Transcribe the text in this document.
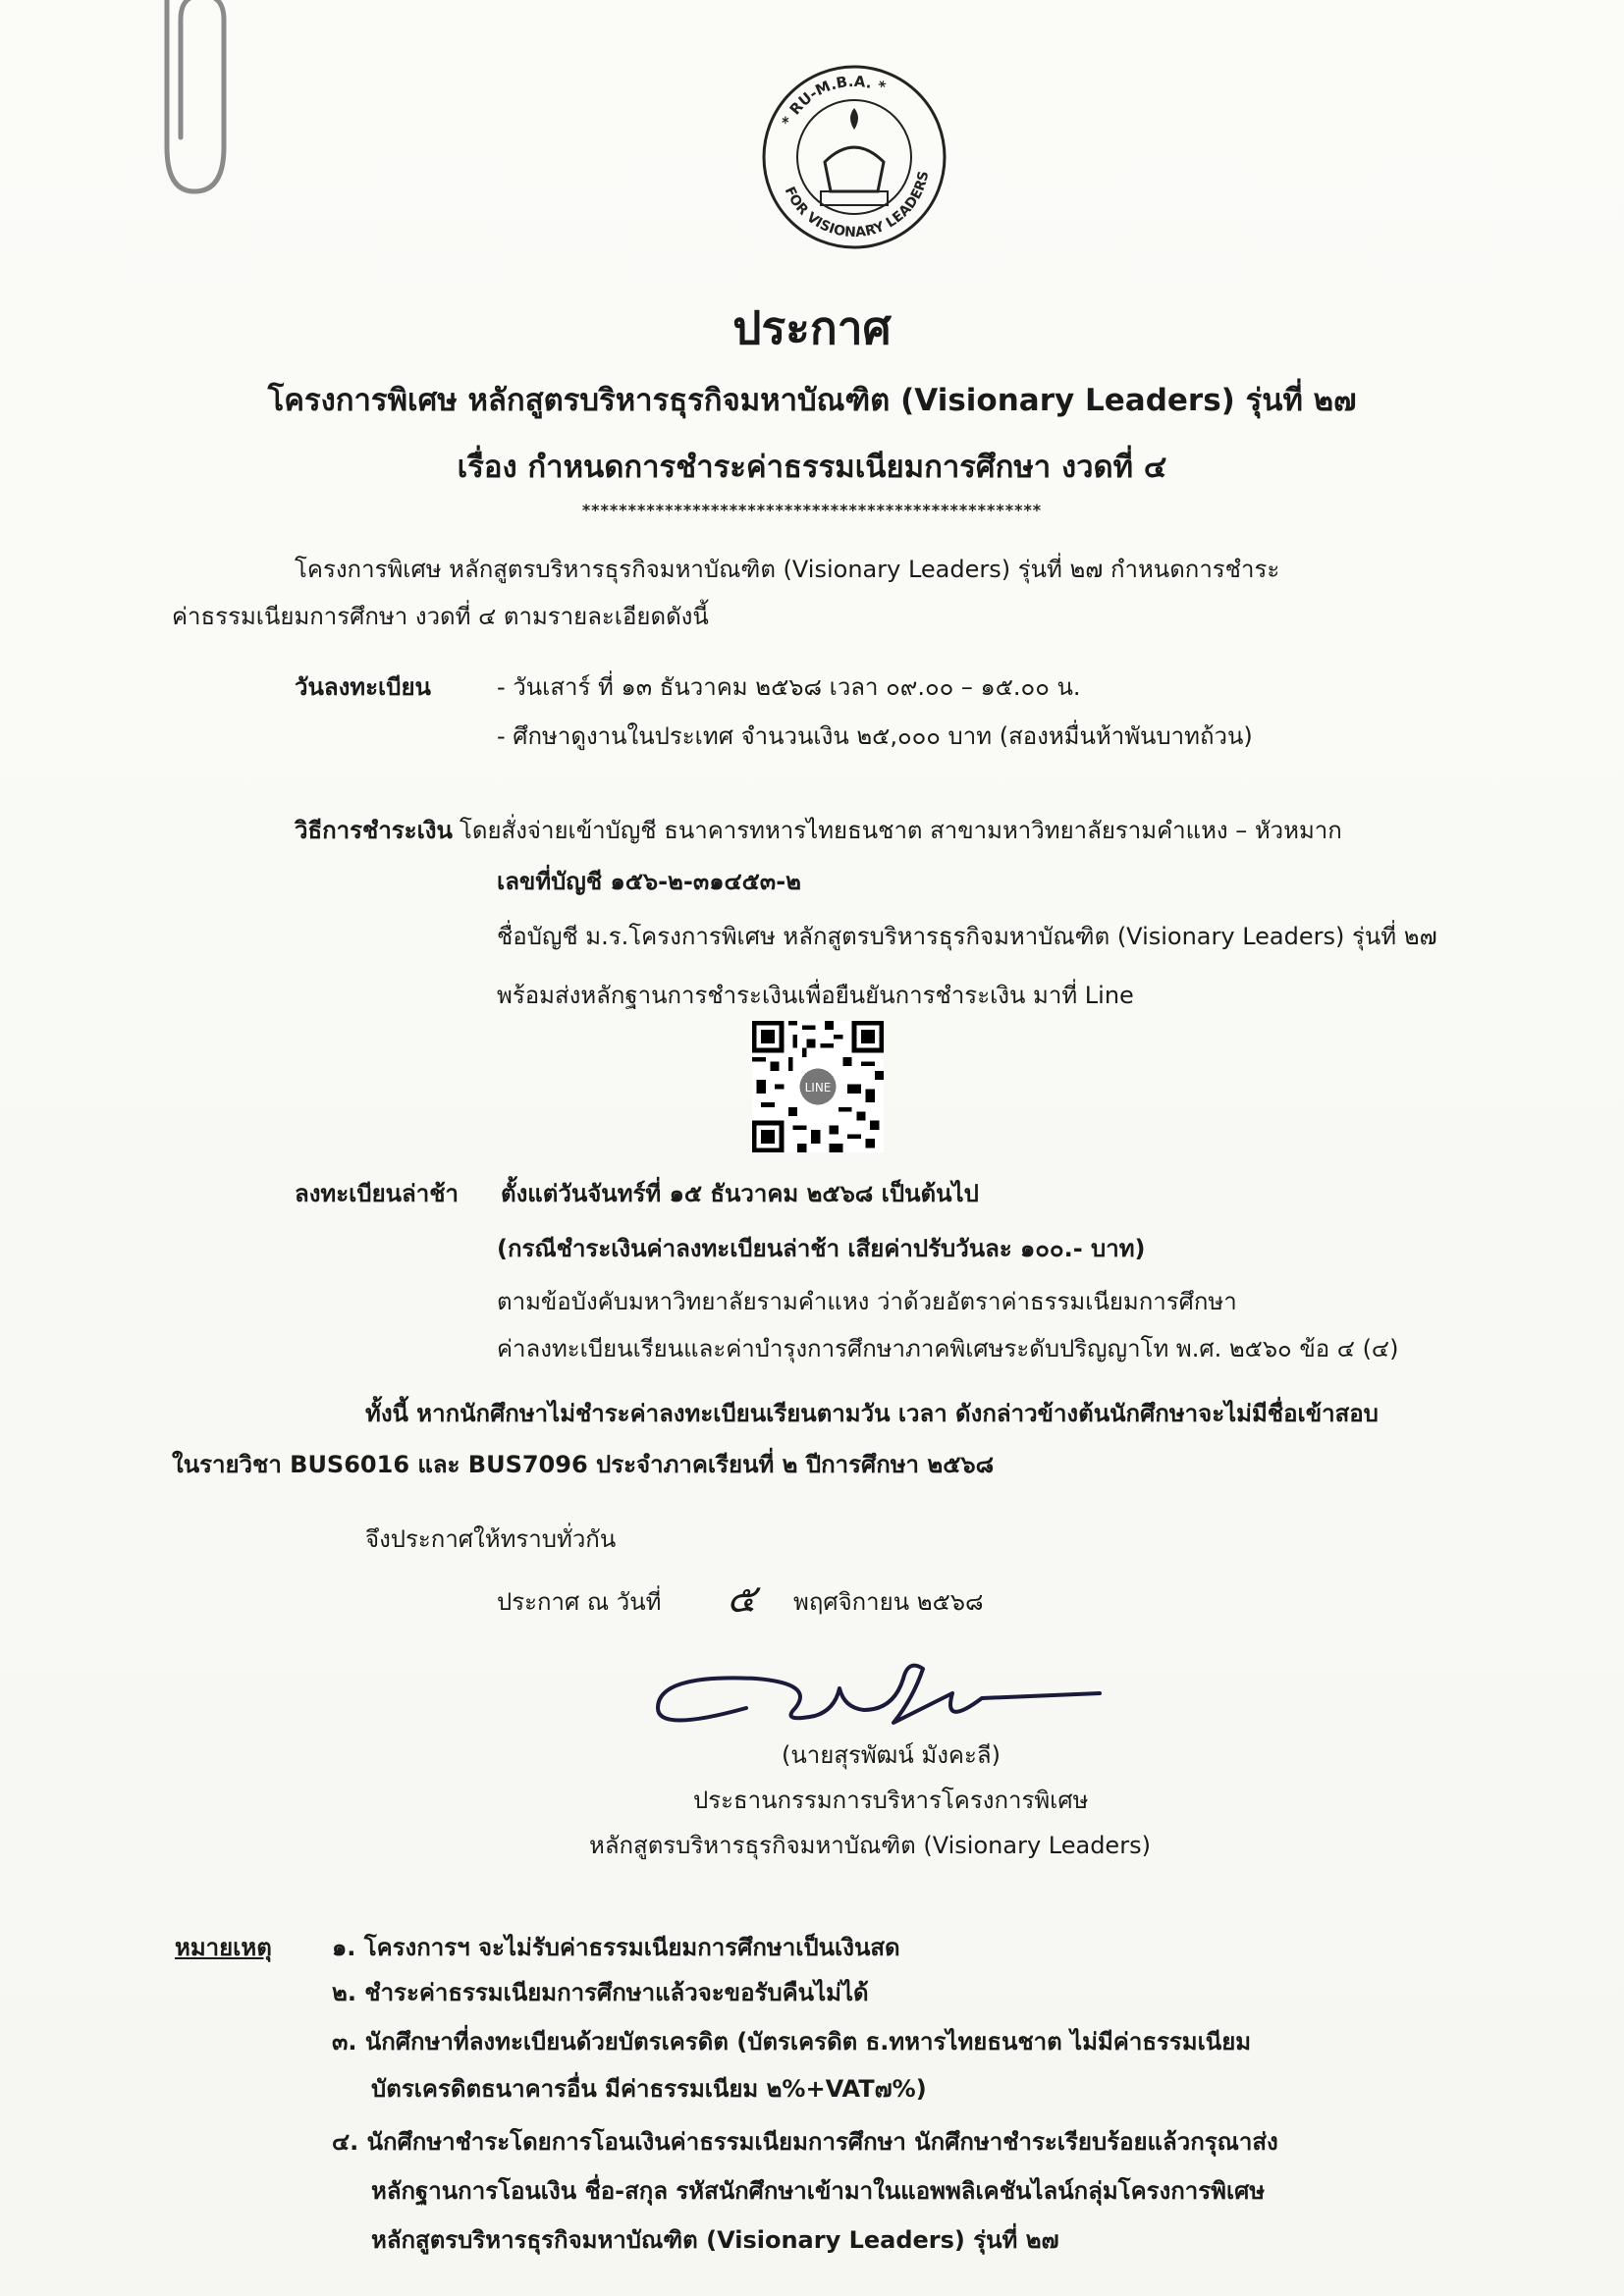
* RU-M.B.A. *
FOR VISIONARY LEADERS
ประกาศ
โครงการพิเศษ หลักสูตรบริหารธุรกิจมหาบัณฑิต (Visionary Leaders) รุ่นที่ ๒๗
เรื่อง กำหนดการชำระค่าธรรมเนียมการศึกษา งวดที่ ๔
**************************************************
โครงการพิเศษ หลักสูตรบริหารธุรกิจมหาบัณฑิต (Visionary Leaders) รุ่นที่ ๒๗ กำหนดการชำระ
ค่าธรรมเนียมการศึกษา งวดที่ ๔ ตามรายละเอียดดังนี้
วันลงทะเบียน	- วันเสาร์ ที่ ๑๓ ธันวาคม ๒๕๖๘ เวลา ๐๙.๐๐ – ๑๕.๐๐ น.
- ศึกษาดูงานในประเทศ จำนวนเงิน ๒๕,๐๐๐ บาท (สองหมื่นห้าพันบาทถ้วน)
วิธีการชำระเงิน โดยสั่งจ่ายเข้าบัญชี ธนาคารทหารไทยธนชาต สาขามหาวิทยาลัยรามคำแหง – หัวหมาก
เลขที่บัญชี ๑๕๖-๒-๓๑๔๕๓-๒
ชื่อบัญชี ม.ร.โครงการพิเศษ หลักสูตรบริหารธุรกิจมหาบัณฑิต (Visionary Leaders) รุ่นที่ ๒๗
พร้อมส่งหลักฐานการชำระเงินเพื่อยืนยันการชำระเงิน มาที่ Line
LINE
ลงทะเบียนล่าช้า ตั้งแต่วันจันทร์ที่ ๑๕ ธันวาคม ๒๕๖๘ เป็นต้นไป
(กรณีชำระเงินค่าลงทะเบียนล่าช้า เสียค่าปรับวันละ ๑๐๐.- บาท)
ตามข้อบังคับมหาวิทยาลัยรามคำแหง ว่าด้วยอัตราค่าธรรมเนียมการศึกษา
ค่าลงทะเบียนเรียนและค่าบำรุงการศึกษาภาคพิเศษระดับปริญญาโท พ.ศ. ๒๕๖๐ ข้อ ๔ (๔)
ทั้งนี้ หากนักศึกษาไม่ชำระค่าลงทะเบียนเรียนตามวัน เวลา ดังกล่าวข้างต้นนักศึกษาจะไม่มีชื่อเข้าสอบ
ในรายวิชา BUS6016 และ BUS7096 ประจำภาคเรียนที่ ๒ ปีการศึกษา ๒๕๖๘
จึงประกาศให้ทราบทั่วกัน
ประกาศ ณ วันที่ ๕ พฤศจิกายน ๒๕๖๘
(นายสุรพัฒน์ มังคะลี)
ประธานกรรมการบริหารโครงการพิเศษ
หลักสูตรบริหารธุรกิจมหาบัณฑิต (Visionary Leaders)
หมายเหตุ	๑. โครงการฯ จะไม่รับค่าธรรมเนียมการศึกษาเป็นเงินสด
๒. ชำระค่าธรรมเนียมการศึกษาแล้วจะขอรับคืนไม่ได้
๓. นักศึกษาที่ลงทะเบียนด้วยบัตรเครดิต (บัตรเครดิต ธ.ทหารไทยธนชาต ไม่มีค่าธรรมเนียม
บัตรเครดิตธนาคารอื่น มีค่าธรรมเนียม ๒%+VAT๗%)
๔. นักศึกษาชำระโดยการโอนเงินค่าธรรมเนียมการศึกษา นักศึกษาชำระเรียบร้อยแล้วกรุณาส่ง
หลักฐานการโอนเงิน ชื่อ-สกุล รหัสนักศึกษาเข้ามาในแอพพลิเคชันไลน์กลุ่มโครงการพิเศษ
หลักสูตรบริหารธุรกิจมหาบัณฑิต (Visionary Leaders) รุ่นที่ ๒๗
